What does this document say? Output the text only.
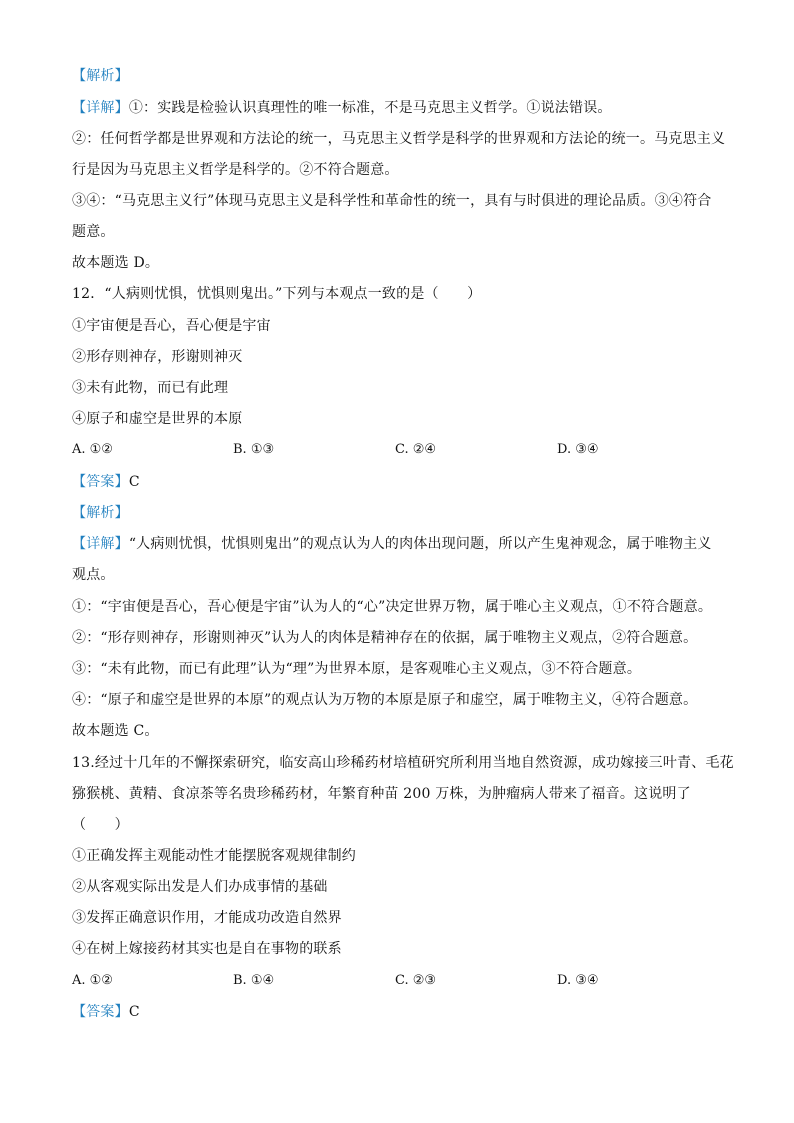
【解析】
【详解】①：实践是检验认识真理性的唯一标准，不是马克思主义哲学。①说法错误。
②：任何哲学都是世界观和方法论的统一，马克思主义哲学是科学的世界观和方法论的统一。马克思主义
行是因为马克思主义哲学是科学的。②不符合题意。
③④：“马克思主义行”体现马克思主义是科学性和革命性的统一，具有与时俱进的理论品质。③④符合
题意。
故本题选 D。
12．“人病则忧惧，忧惧则鬼出。”下列与本观点一致的是（　　）
①宇宙便是吾心，吾心便是宇宙
②形存则神存，形谢则神灭
③未有此物，而已有此理
④原子和虚空是世界的本原
A. ①②	B. ①③	C. ②④	D. ③④
【答案】C
【解析】
【详解】“人病则忧惧，忧惧则鬼出”的观点认为人的肉体出现问题，所以产生鬼神观念，属于唯物主义
观点。
①：“宇宙便是吾心，吾心便是宇宙”认为人的“心”决定世界万物，属于唯心主义观点，①不符合题意。
②：“形存则神存，形谢则神灭”认为人的肉体是精神存在的依据，属于唯物主义观点，②符合题意。
③：“未有此物，而已有此理”认为“理”为世界本原，是客观唯心主义观点，③不符合题意。
④：“原子和虚空是世界的本原”的观点认为万物的本原是原子和虚空，属于唯物主义，④符合题意。
故本题选 C。
13.经过十几年的不懈探索研究，临安高山珍稀药材培植研究所利用当地自然资源，成功嫁接三叶青、毛花
猕猴桃、黄精、食凉茶等名贵珍稀药材，年繁育种苗 200 万株，为肿瘤病人带来了福音。这说明了
（　　）
①正确发挥主观能动性才能摆脱客观规律制约
②从客观实际出发是人们办成事情的基础
③发挥正确意识作用，才能成功改造自然界
④在树上嫁接药材其实也是自在事物的联系
A. ①②	B. ①④	C. ②③	D. ③④
【答案】C
